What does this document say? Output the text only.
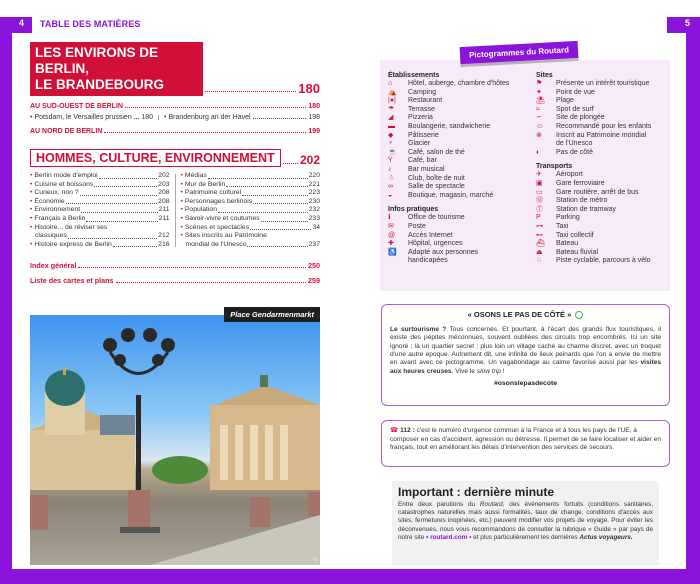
4	5
TABLE DES MATIÈRES
LES ENVIRONS DE BERLIN,
LE BRANDEBOURG	180
AU SUD-OUEST DE BERLIN	180
• Potsdam, le Versailles prussien 180 • Brandenburg an der Havel	198
AU NORD DE BERLIN	199
HOMMES, CULTURE, ENVIRONNEMENT	202
• Berlin mode d'emploi	202
• Cuisine et boissons	203
• Curieux, non ?	208
• Économie	208
• Environnement	211
• Français à Berlin	211
• Histoire... de réviser ses
classiques	212
• Histoire express de Berlin	216
• Médias	220
• Mur de Berlin	221
• Patrimoine culturel	223
• Personnages berlinois	230
• Population	232
• Savoir-vivre et coutumes	233
• Scènes et spectacles	34
• Sites inscrits au Patrimoine
mondial de l'Unesco	237
Index général	250
Liste des cartes et plans	259
Place Gendarmenmarkt
©
Établissements
⌂	Hôtel, auberge, chambre d'hôtes
⛺	Camping
|●|	Restaurant
☂	Terrasse
◢	Pizzeria
▬	Boulangerie, sandwicherie
◆	Pâtisserie
♆	Glacier
☕	Café, salon de thé
Ÿ	Café, bar
♪	Bar musical
☃	Club, boîte de nuit
∞	Salle de spectacle
◒	Boutique, magasin, marché
Infos pratiques
ℹ	Office de tourisme
✉	Poste
@	Accès Internet
✚	Hôpital, urgences
♿	Adapté aux personnes
handicapées
Sites
⚑	Présente un intérêt touristique
✦	Point de vue
⛱	Plage
≈	Spot de surf
∽	Site de plongée
☺	Recommandé pour les enfants
⊗	Inscrit au Patrimoine mondial
de l'Unesco
◐	Pas de côté
Transports
✈	Aéroport
▣	Gare ferroviaire
▭	Gare routière, arrêt de bus
Ⓜ	Station de métro
Ⓣ	Station de tramway
P	Parking
⊶	Taxi
⊷	Taxi collectif
⛴	Bateau
⏏	Bateau fluvial
♘	Piste cyclable, parcours à vélo
Pictogrammes du Routard
« OSONS LE PAS DE CÔTÉ »
Le surtourisme ? Tous concernés. Et pourtant, à l'écart des grands flux touristiques, il existe des pépites méconnues, souvent oubliées des circuits trop encombrés. Ici un site ignoré ; là un quartier secret ; plus loin un village caché au charme discret, avec un troquet d'une autre époque. Autrement dit, une infinité de lieux peinards que l'on a envie de mettre en avant avec ce pictogramme. Un vagabondage au calme favorisé aussi par les visites aux heures creuses. Vive le slow trip !
#osonslepasdecote
☎ 112 : c'est le numéro d'urgence commun à la France et à tous les pays de l'UE, à composer en cas d'accident, agression ou détresse. Il permet de se faire localiser et aider en français, tout en améliorant les délais d'intervention des services de secours.
Important : dernière minute
Entre deux parutions du Routard, des événements fortuits (conditions sanitaires, catastrophes naturelles mais aussi formalités, taux de change, conditions d'accès aux sites, fermetures inopinées, etc.) peuvent modifier vos projets de voyage. Pour éviter les déconvenues, nous vous recommandons de consulter la rubrique « Guide » par pays de notre site • routard.com • et plus particulièrement les dernières Actus voyageurs.
